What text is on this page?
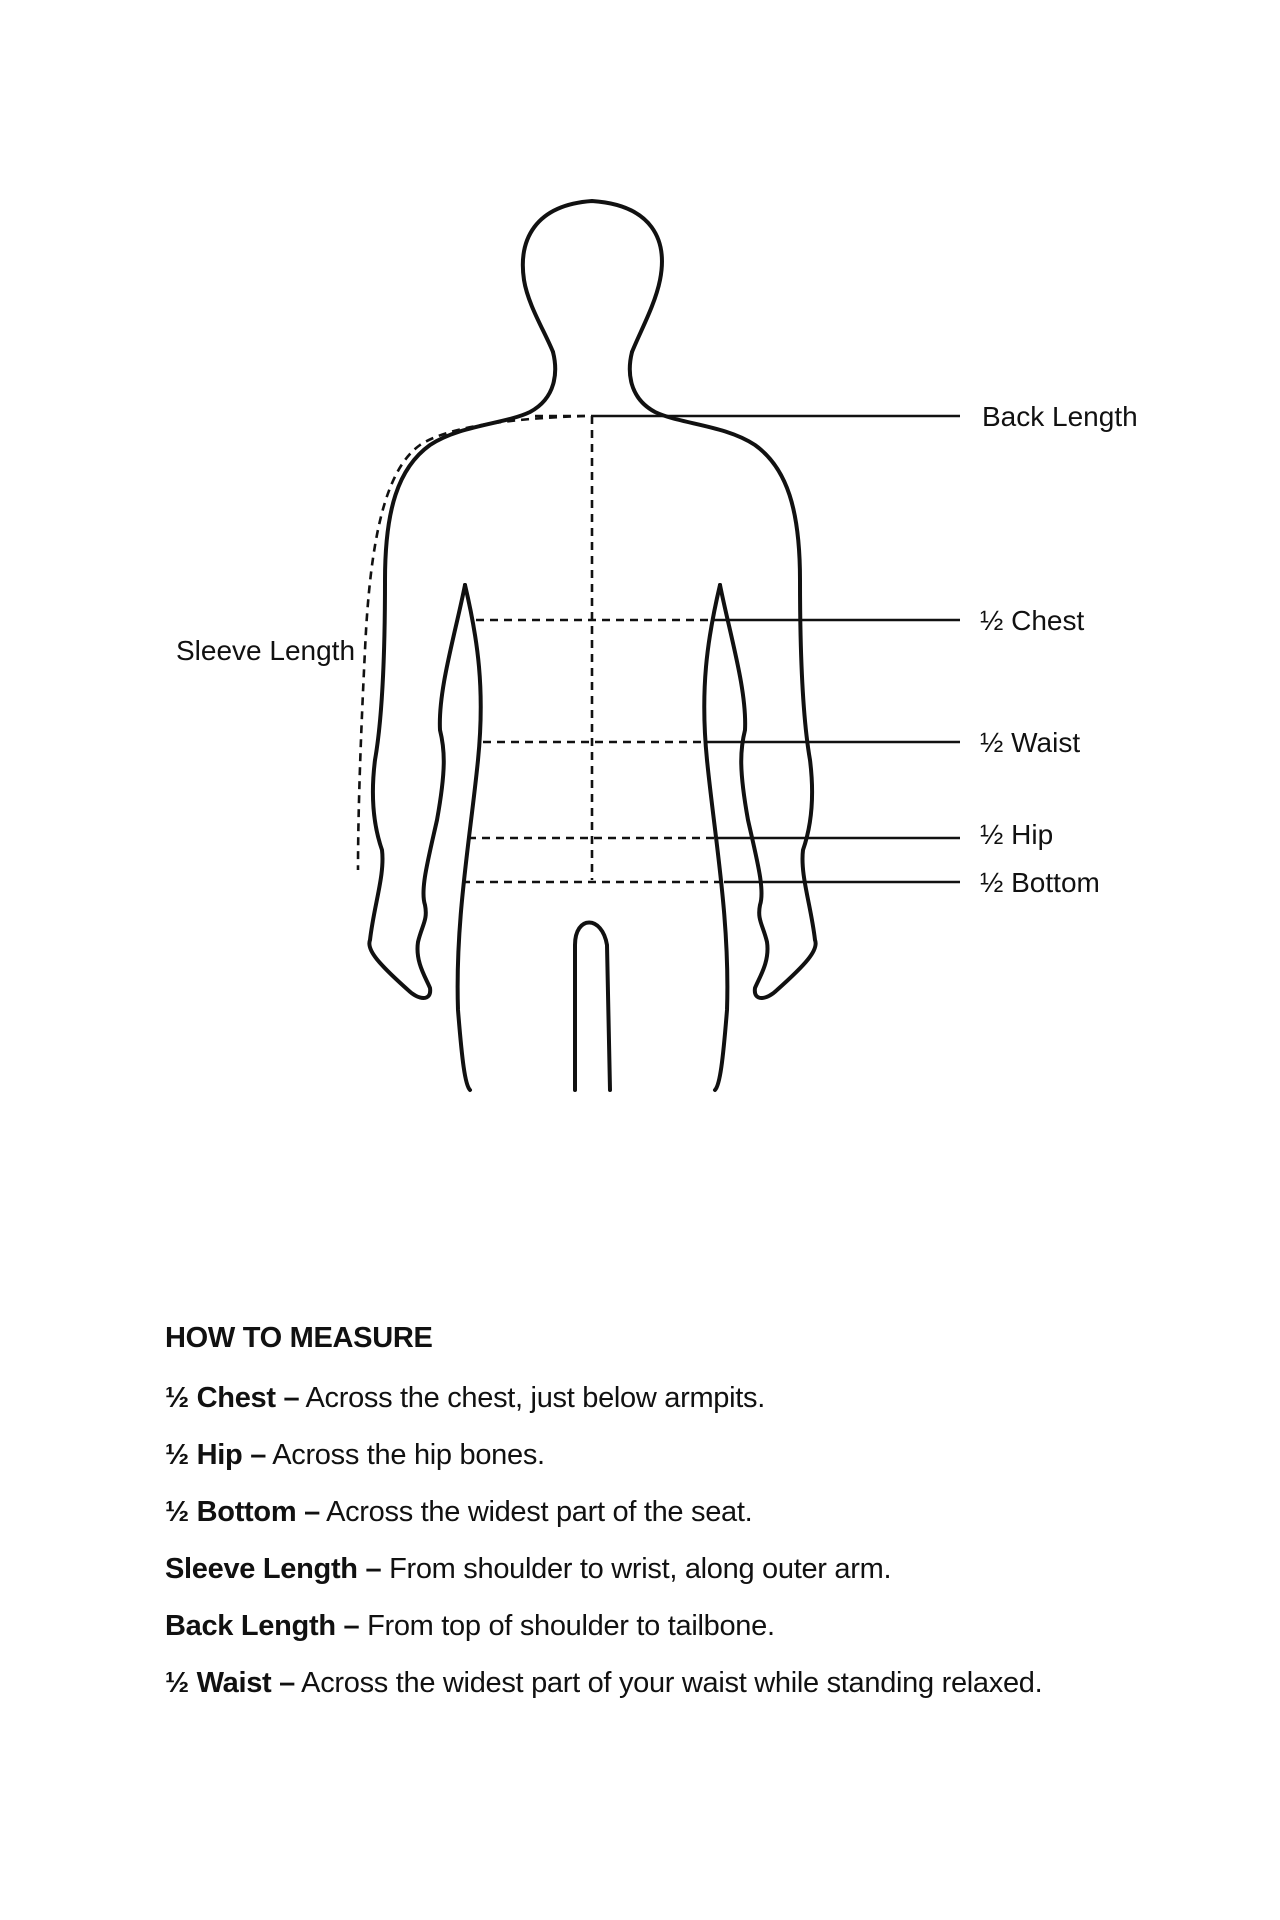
Back Length
½ Chest
Sleeve Length
½ Waist
½ Hip
½ Bottom
HOW TO MEASURE
½ Chest – Across the chest, just below armpits.
½ Hip – Across the hip bones.
½ Bottom – Across the widest part of the seat.
Sleeve Length – From shoulder to wrist, along outer arm.
Back Length – From top of shoulder to tailbone.
½ Waist – Across the widest part of your waist while standing relaxed.
